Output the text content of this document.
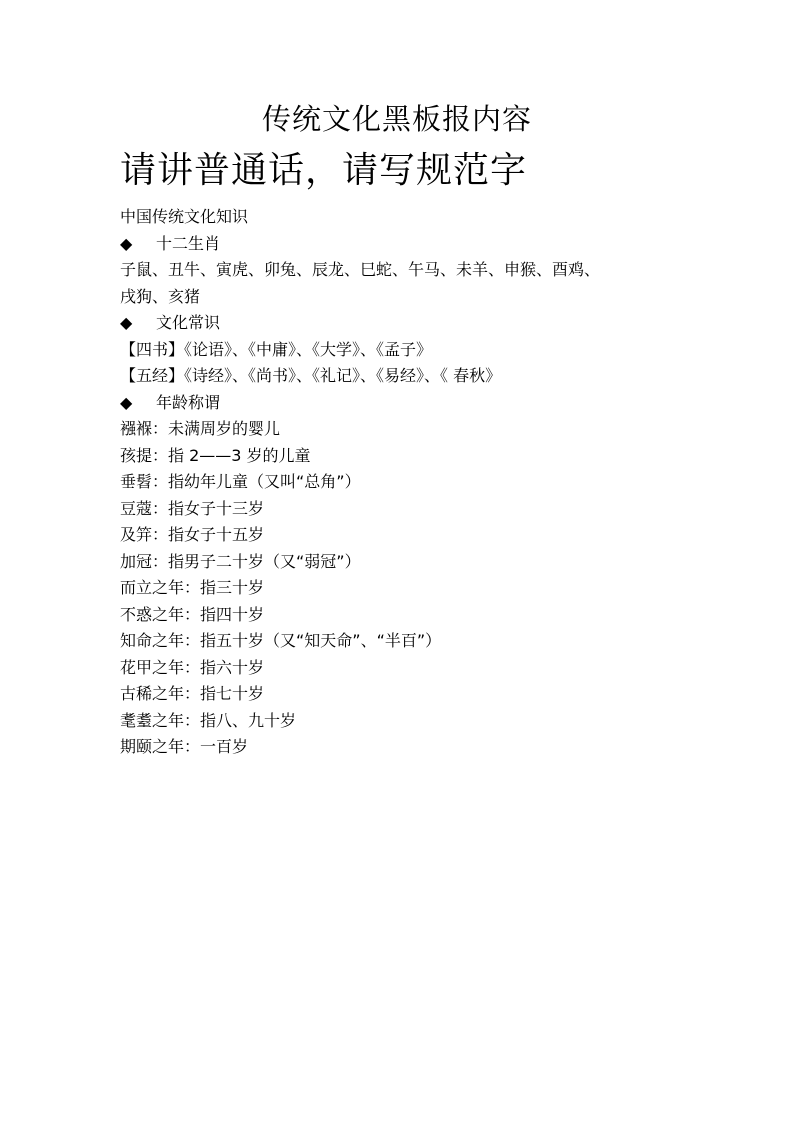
传统文化黑板报内容
请讲普通话，请写规范字
中国传统文化知识
◆ 十二生肖
子鼠、丑牛、寅虎、卯兔、辰龙、巳蛇、午马、未羊、申猴、酉鸡、
戌狗、亥猪
◆ 文化常识
【四书】《论语》、《中庸》、《大学》、《孟子》
【五经】《诗经》、《尚书》、《礼记》、《易经》、《 春秋》
◆ 年龄称谓
襁褓：未满周岁的婴儿
孩提：指 2——3 岁的儿童
垂髫：指幼年儿童（又叫“总角”）
豆蔻：指女子十三岁
及笄：指女子十五岁
加冠：指男子二十岁（又“弱冠”）
而立之年：指三十岁
不惑之年：指四十岁
知命之年：指五十岁（又“知天命”、“半百”）
花甲之年：指六十岁
古稀之年：指七十岁
耄耋之年：指八、九十岁
期颐之年：一百岁
